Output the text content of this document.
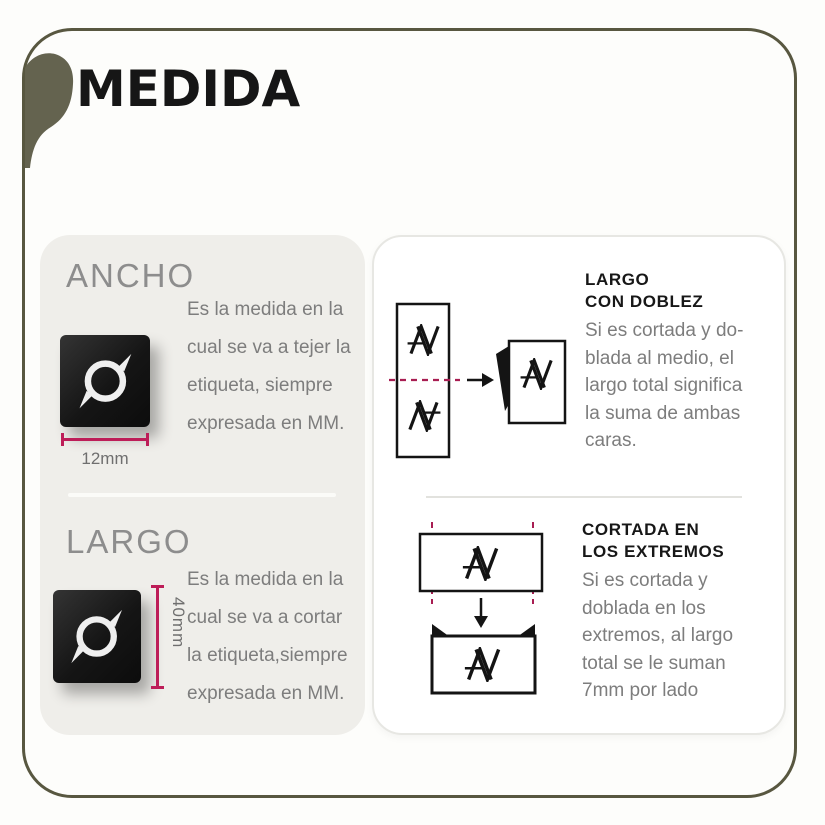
MEDIDA
ANCHO
12mm
Es la medida en la
cual se va a tejer la
etiqueta, siempre
expresada en MM.
LARGO
40mm
Es la medida en la
cual se va a cortar
la etiqueta,siempre
expresada en MM.
LARGO
CON DOBLEZ
Si es cortada y do-
blada al medio, el
largo total significa
la suma de ambas
caras.
CORTADA EN
LOS EXTREMOS
Si es cortada y
doblada en los
extremos, al largo
total se le suman
7mm por lado
